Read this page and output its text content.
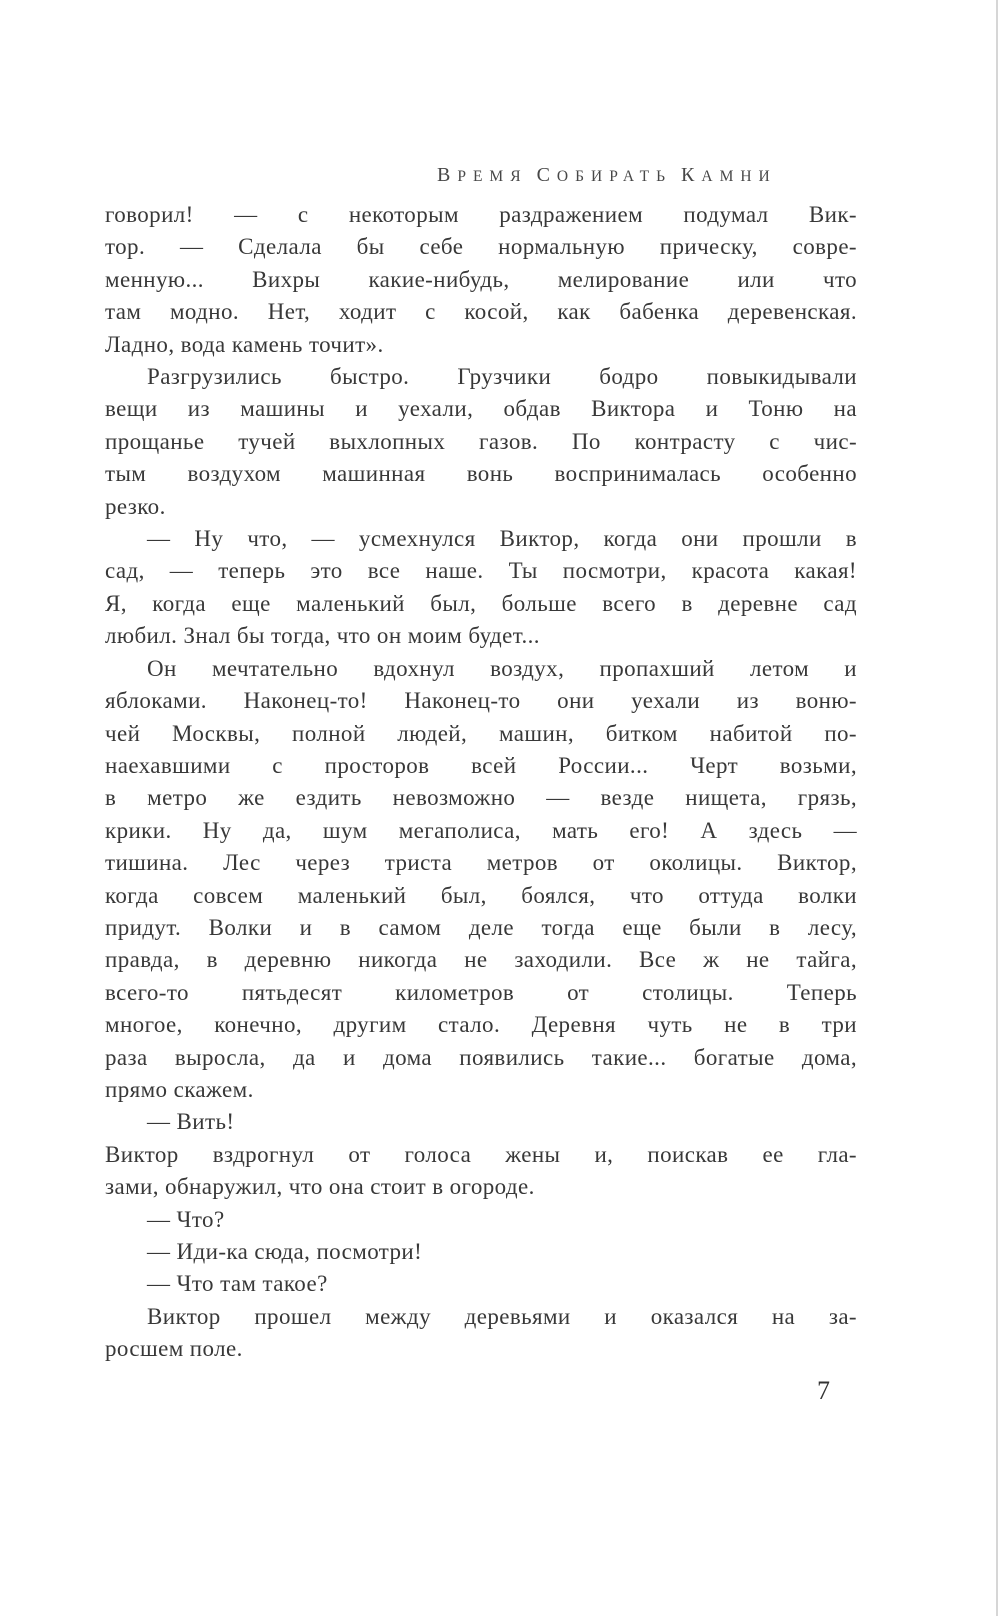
ВРЕМЯ СОБИРАТЬ КАМНИ
говорил! — с некоторым раздражением подумал Вик-
тор. — Сделала бы себе нормальную прическу, совре-
менную... Вихры какие-нибудь, мелирование или что
там модно. Нет, ходит с косой, как бабенка деревенская.
Ладно, вода камень точит».
Разгрузились быстро. Грузчики бодро повыкидывали
вещи из машины и уехали, обдав Виктора и Тоню на
прощанье тучей выхлопных газов. По контрасту с чис-
тым воздухом машинная вонь воспринималась особенно
резко.
— Ну что, — усмехнулся Виктор, когда они прошли в
сад, — теперь это все наше. Ты посмотри, красота какая!
Я, когда еще маленький был, больше всего в деревне сад
любил. Знал бы тогда, что он моим будет...
Он мечтательно вдохнул воздух, пропахший летом и
яблоками. Наконец-то! Наконец-то они уехали из воню-
чей Москвы, полной людей, машин, битком набитой по-
наехавшими с просторов всей России... Черт возьми,
в метро же ездить невозможно — везде нищета, грязь,
крики. Ну да, шум мегаполиса, мать его! А здесь —
тишина. Лес через триста метров от околицы. Виктор,
когда совсем маленький был, боялся, что оттуда волки
придут. Волки и в самом деле тогда еще были в лесу,
правда, в деревню никогда не заходили. Все ж не тайга,
всего-то пятьдесят километров от столицы. Теперь
многое, конечно, другим стало. Деревня чуть не в три
раза выросла, да и дома появились такие... богатые дома,
прямо скажем.
— Вить!
Виктор вздрогнул от голоса жены и, поискав ее гла-
зами, обнаружил, что она стоит в огороде.
— Что?
— Иди-ка сюда, посмотри!
— Что там такое?
Виктор прошел между деревьями и оказался на за-
росшем поле.
7
